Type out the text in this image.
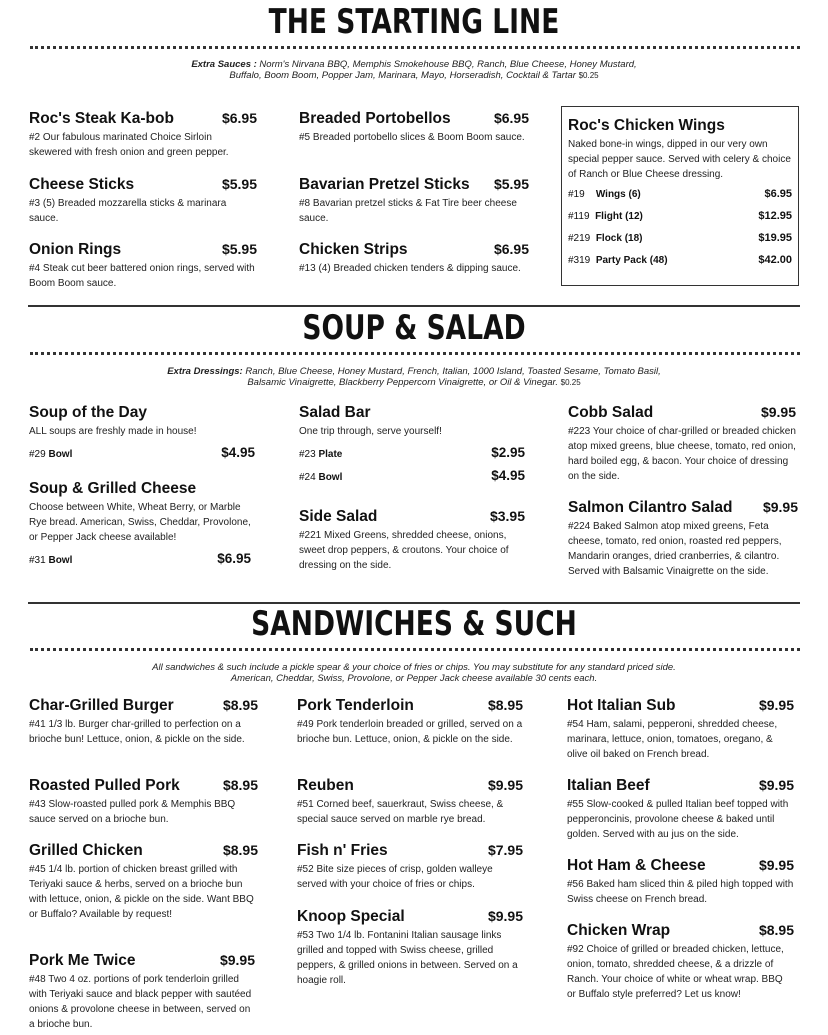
THE STARTING LINE
Extra Sauces : Norm's Nirvana BBQ, Memphis Smokehouse BBQ, Ranch, Blue Cheese, Honey Mustard,
Buffalo, Boom Boom, Popper Jam, Marinara, Mayo, Horseradish, Cocktail & Tartar $0.25
Roc's Steak Ka-bob	$6.95
#2 Our fabulous marinated Choice Sirloin skewered with fresh onion and green pepper.
Cheese Sticks	$5.95
#3 (5) Breaded mozzarella sticks & marinara sauce.
Onion Rings	$5.95
#4 Steak cut beer battered onion rings, served with Boom Boom sauce.
Breaded Portobellos	$6.95
#5 Breaded portobello slices & Boom Boom sauce.
Bavarian Pretzel Sticks $5.95
#8 Bavarian pretzel sticks & Fat Tire beer cheese sauce.
Chicken Strips	$6.95
#13 (4) Breaded chicken tenders & dipping sauce.
Roc's Chicken Wings
Naked bone-in wings, dipped in our very own special pepper sauce. Served with celery & choice of Ranch or Blue Cheese dressing.
#19 Wings (6)	$6.95
#119 Flight (12)	$12.95
#219 Flock (18)	$19.95
#319 Party Pack (48)	$42.00
SOUP & SALAD
Extra Dressings: Ranch, Blue Cheese, Honey Mustard, French, Italian, 1000 Island, Toasted Sesame, Tomato Basil,
Balsamic Vinaigrette, Blackberry Peppercorn Vinaigrette, or Oil & Vinegar. $0.25
Soup of the Day
ALL soups are freshly made in house!
#29 Bowl	$4.95
Soup & Grilled Cheese
Choose between White, Wheat Berry, or Marble Rye bread. American, Swiss, Cheddar, Provolone, or Pepper Jack cheese available!
#31 Bowl	$6.95
Salad Bar
One trip through, serve yourself!
#23 Plate	$2.95
#24 Bowl	$4.95
Side Salad	$3.95
#221 Mixed Greens, shredded cheese, onions, sweet drop peppers, & croutons. Your choice of dressing on the side.
Cobb Salad	$9.95
#223 Your choice of char-grilled or breaded chicken atop mixed greens, blue cheese, tomato, red onion, hard boiled egg, & bacon. Your choice of dressing on the side.
Salmon Cilantro Salad $9.95
#224 Baked Salmon atop mixed greens, Feta cheese, tomato, red onion, roasted red peppers, Mandarin oranges, dried cranberries, & cilantro. Served with Balsamic Vinaigrette on the side.
SANDWICHES & SUCH
All sandwiches & such include a pickle spear & your choice of fries or chips. You may substitute for any standard priced side.
American, Cheddar, Swiss, Provolone, or Pepper Jack cheese available 30 cents each.
Char-Grilled Burger	$8.95
#41 1/3 lb. Burger char-grilled to perfection on a brioche bun! Lettuce, onion, & pickle on the side.
Roasted Pulled Pork	$8.95
#43 Slow-roasted pulled pork & Memphis BBQ sauce served on a brioche bun.
Grilled Chicken	$8.95
#45 1/4 lb. portion of chicken breast grilled with Teriyaki sauce & herbs, served on a brioche bun with lettuce, onion, & pickle on the side. Want BBQ or Buffalo? Available by request!
Pork Me Twice	$9.95
#48 Two 4 oz. portions of pork tenderloin grilled with Teriyaki sauce and black pepper with sautéed onions & provolone cheese in between, served on a brioche bun.
Pork Tenderloin	$8.95
#49 Pork tenderloin breaded or grilled, served on a brioche bun. Lettuce, onion, & pickle on the side.
Reuben	$9.95
#51 Corned beef, sauerkraut, Swiss cheese, & special sauce served on marble rye bread.
Fish n' Fries	$7.95
#52 Bite size pieces of crisp, golden walleye served with your choice of fries or chips.
Knoop Special	$9.95
#53 Two 1/4 lb. Fontanini Italian sausage links grilled and topped with Swiss cheese, grilled peppers, & grilled onions in between. Served on a hoagie roll.
Hot Italian Sub	$9.95
#54 Ham, salami, pepperoni, shredded cheese, marinara, lettuce, onion, tomatoes, oregano, & olive oil baked on French bread.
Italian Beef	$9.95
#55 Slow-cooked & pulled Italian beef topped with pepperoncinis, provolone cheese & baked until golden. Served with au jus on the side.
Hot Ham & Cheese	$9.95
#56 Baked ham sliced thin & piled high topped with Swiss cheese on French bread.
Chicken Wrap	$8.95
#92 Choice of grilled or breaded chicken, lettuce, onion, tomato, shredded cheese, & a drizzle of Ranch. Your choice of white or wheat wrap. BBQ or Buffalo style preferred? Let us know!
